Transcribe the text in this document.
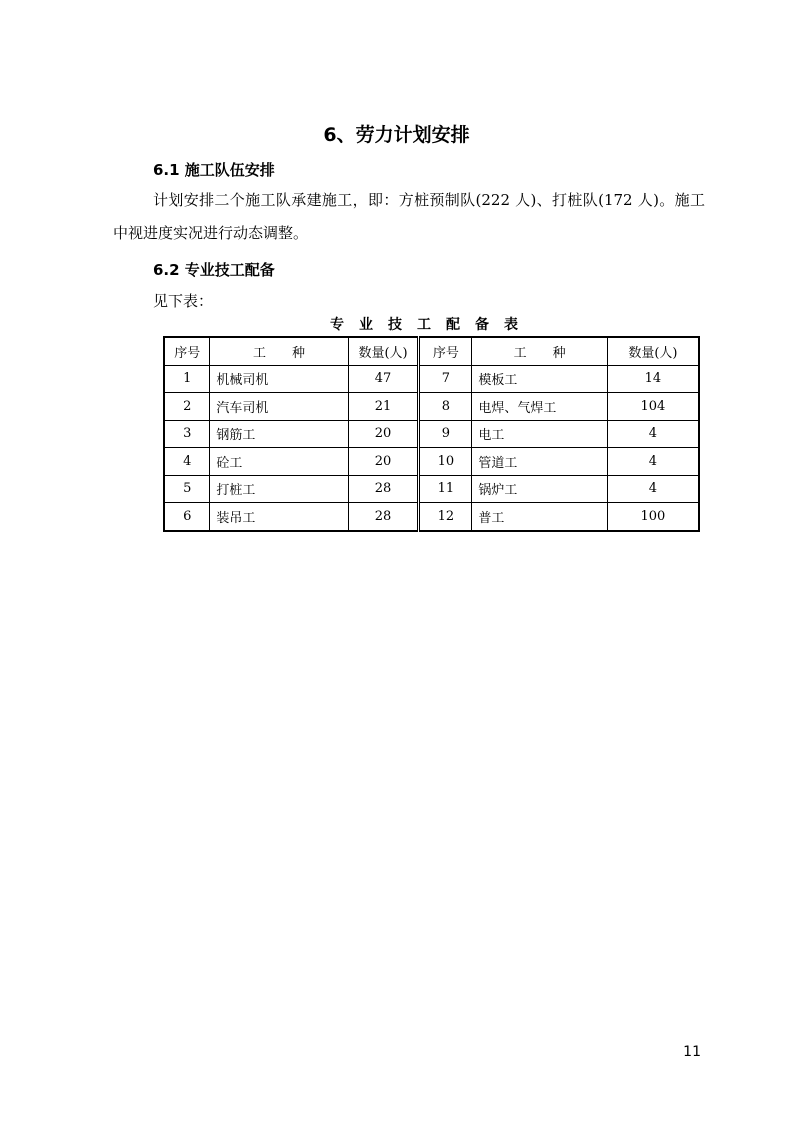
6、劳力计划安排
6.1 施工队伍安排
计划安排二个施工队承建施工，即：方桩预制队(222 人)、打桩队(172 人)。施工中视进度实况进行动态调整。
6.2 专业技工配备
见下表：
专业技工配备表
序号	工　　种	数量(人)	序号	工　　种	数量(人)
1	机械司机	47	7	模板工	14
2	汽车司机	21	8	电焊、气焊工	104
3	钢筋工	20	9	电工	4
4	砼工	20	10	管道工	4
5	打桩工	28	11	锅炉工	4
6	装吊工	28	12	普工	100
11
